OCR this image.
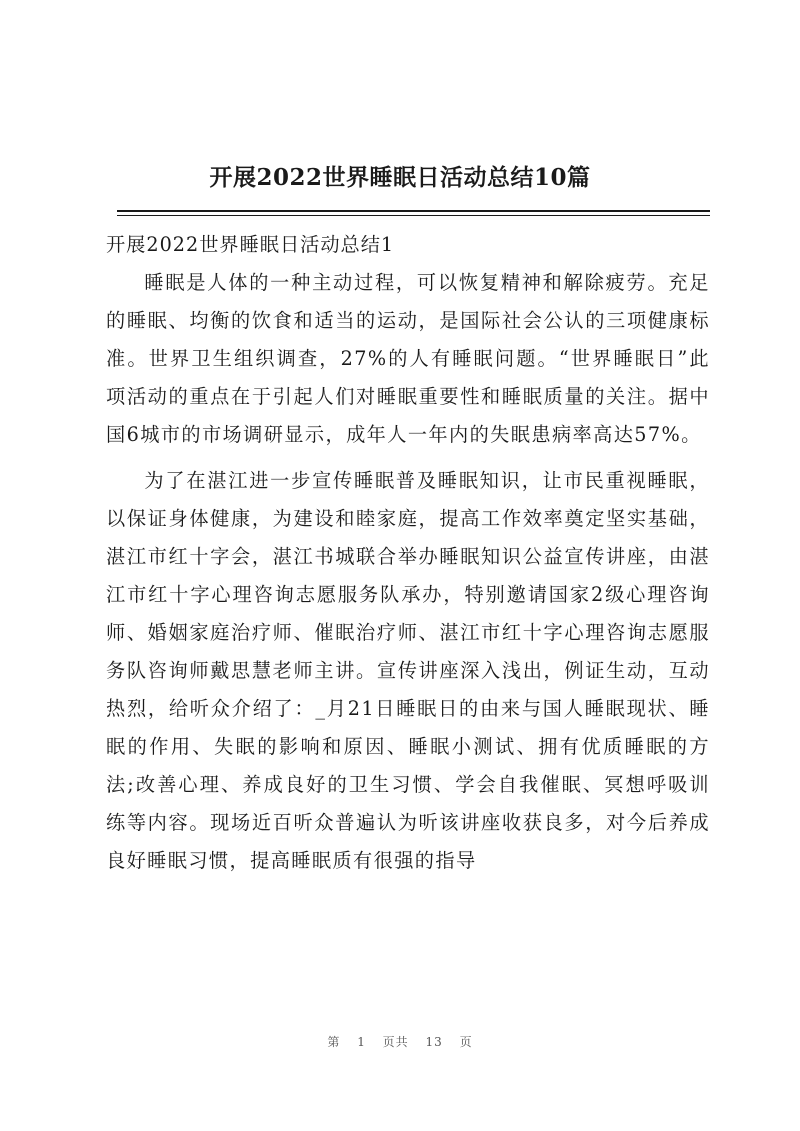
开展2022世界睡眠日活动总结10篇

开展2022世界睡眠日活动总结1

睡眠是人体的一种主动过程，可以恢复精神和解除疲劳。充足的睡眠、均衡的饮食和适当的运动，是国际社会公认的三项健康标准。世界卫生组织调查，27%的人有睡眠问题。“世界睡眠日”此项活动的重点在于引起人们对睡眠重要性和睡眠质量的关注。据中国6城市的市场调研显示，成年人一年内的失眠患病率高达57%。

为了在湛江进一步宣传睡眠普及睡眠知识，让市民重视睡眠，以保证身体健康，为建设和睦家庭，提高工作效率奠定坚实基础，湛江市红十字会，湛江书城联合举办睡眠知识公益宣传讲座，由湛江市红十字心理咨询志愿服务队承办，特别邀请国家2级心理咨询师、婚姻家庭治疗师、催眠治疗师、湛江市红十字心理咨询志愿服务队咨询师戴思慧老师主讲。宣传讲座深入浅出，例证生动，互动热烈，给听众介绍了：_月21日睡眠日的由来与国人睡眠现状、睡眠的作用、失眠的影响和原因、睡眠小测试、拥有优质睡眠的方法;改善心理、养成良好的卫生习惯、学会自我催眠、冥想呼吸训练等内容。现场近百听众普遍认为听该讲座收获良多，对今后养成良好睡眠习惯，提高睡眠质有很强的指导

第 1 页共 13 页
